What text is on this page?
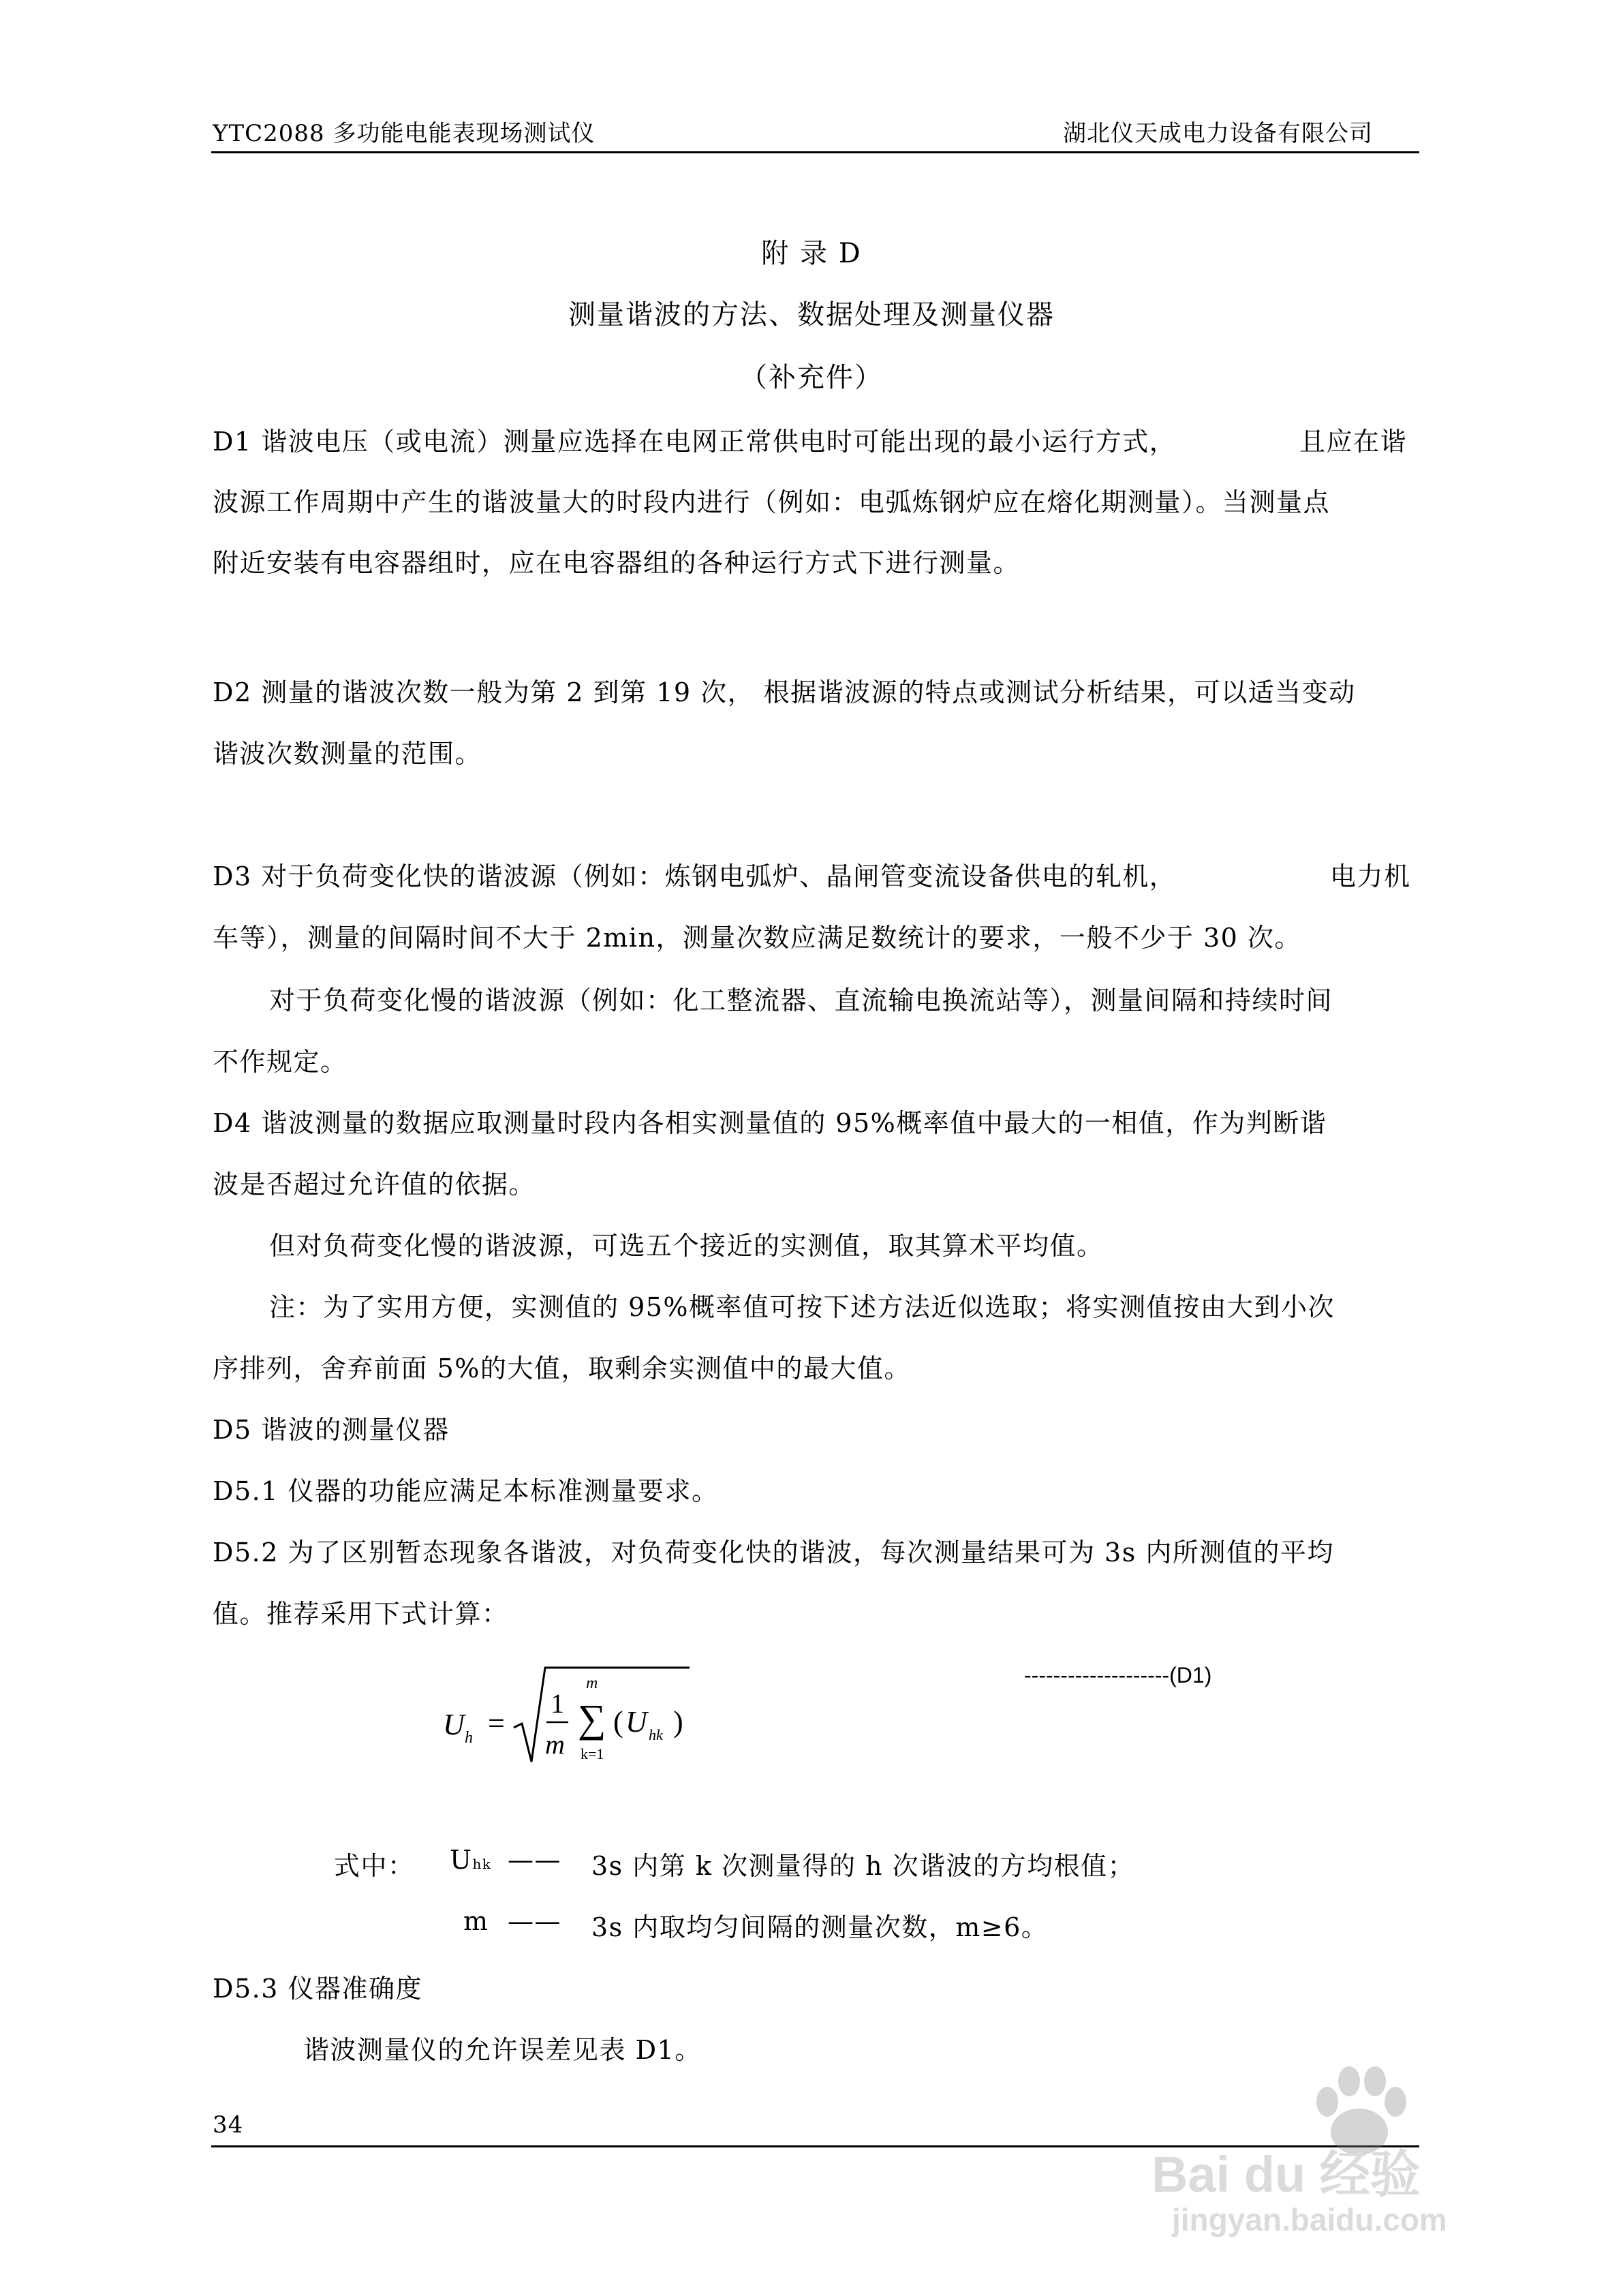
YTC2088 多功能电能表现场测试仪	湖北仪天成电力设备有限公司
附 录 D
测量谐波的方法、数据处理及测量仪器
（补充件）
D1 谐波电压（或电流）测量应选择在电网正常供电时可能出现的最小运行方式，	且应在谐
波源工作周期中产生的谐波量大的时段内进行（例如：电弧炼钢炉应在熔化期测量）。当测量点
附近安装有电容器组时，应在电容器组的各种运行方式下进行测量。
D2 测量的谐波次数一般为第 2 到第 19 次， 根据谐波源的特点或测试分析结果，可以适当变动
谐波次数测量的范围。
D3 对于负荷变化快的谐波源（例如：炼钢电弧炉、晶闸管变流设备供电的轧机，	电力机
车等），测量的间隔时间不大于 2min，测量次数应满足数统计的要求，一般不少于 30 次。
对于负荷变化慢的谐波源（例如：化工整流器、直流输电换流站等），测量间隔和持续时间
不作规定。
D4 谐波测量的数据应取测量时段内各相实测量值的 95%概率值中最大的一相值，作为判断谐
波是否超过允许值的依据。
但对负荷变化慢的谐波源，可选五个接近的实测值，取其算术平均值。
注：为了实用方便，实测值的 95%概率值可按下述方法近似选取；将实测值按由大到小次
序排列，舍弃前面 5%的大值，取剩余实测值中的最大值。
D5 谐波的测量仪器
D5.1 仪器的功能应满足本标准测量要求。
D5.2 为了区别暂态现象各谐波，对负荷变化快的谐波，每次测量结果可为 3s 内所测值的平均
值。推荐采用下式计算：
--------------------(D1)
U h =
1
m
m
∑
k=1
( U hk )
式中： Uhk —— 3s 内第 k 次测量得的 h 次谐波的方均根值；
m —— 3s 内取均匀间隔的测量次数，m≥6。
D5.3 仪器准确度
谐波测量仪的允许误差见表 D1。
34
Bai du 经验
jingyan.baidu.com
